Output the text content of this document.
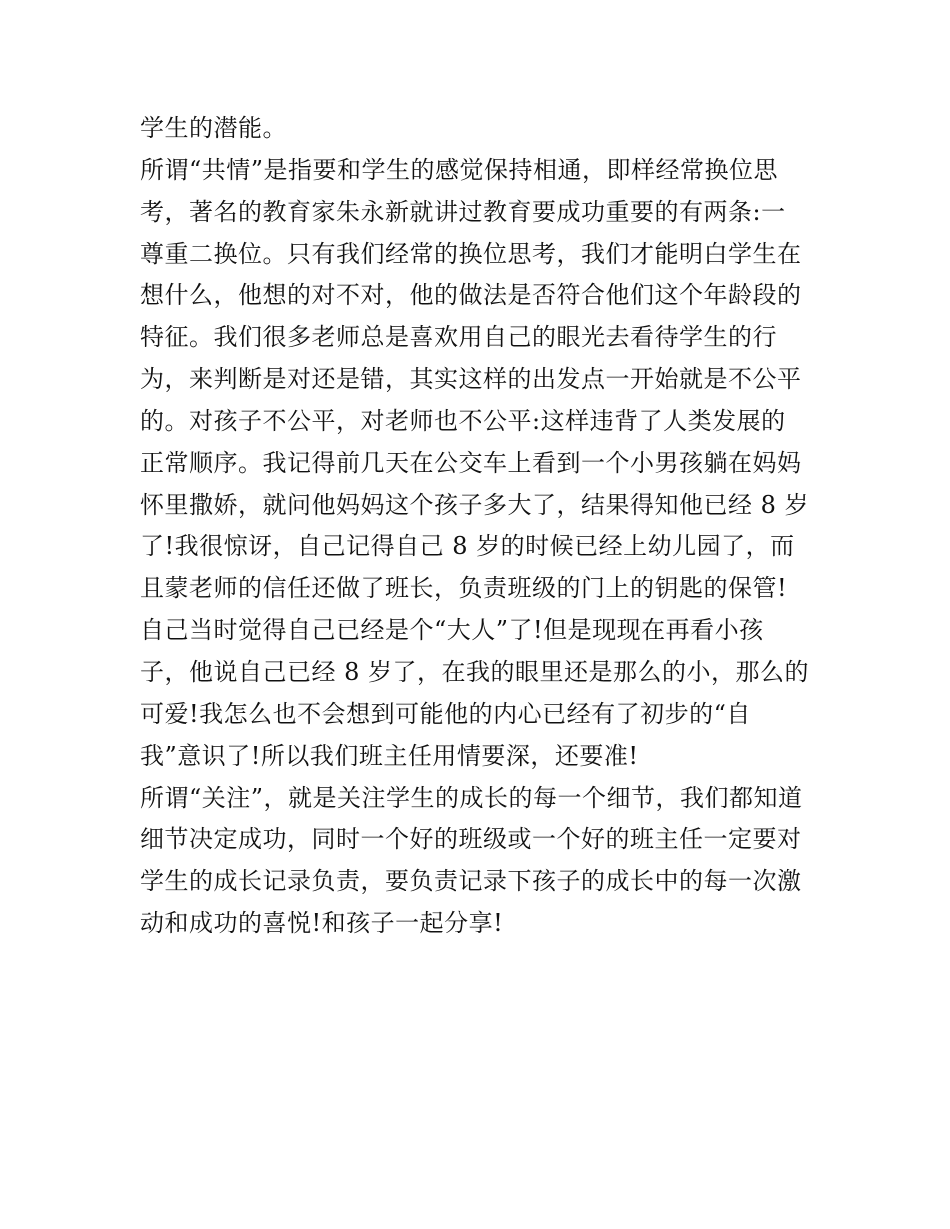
学生的潜能。
所谓“共情”是指要和学生的感觉保持相通，即样经常换位思
考，著名的教育家朱永新就讲过教育要成功重要的有两条:一
尊重二换位。只有我们经常的换位思考，我们才能明白学生在
想什么，他想的对不对，他的做法是否符合他们这个年龄段的
特征。我们很多老师总是喜欢用自己的眼光去看待学生的行
为，来判断是对还是错，其实这样的出发点一开始就是不公平
的。对孩子不公平，对老师也不公平:这样违背了人类发展的
正常顺序。我记得前几天在公交车上看到一个小男孩躺在妈妈
怀里撒娇，就问他妈妈这个孩子多大了，结果得知他已经 8 岁
了!我很惊讶，自己记得自己 8 岁的时候已经上幼儿园了，而
且蒙老师的信任还做了班长，负责班级的门上的钥匙的保管!
自己当时觉得自己已经是个“大人”了!但是现现在再看小孩
子，他说自己已经 8 岁了，在我的眼里还是那么的小，那么的
可爱!我怎么也不会想到可能他的内心已经有了初步的“自
我”意识了!所以我们班主任用情要深，还要准!
所谓“关注”，就是关注学生的成长的每一个细节，我们都知道
细节决定成功，同时一个好的班级或一个好的班主任一定要对
学生的成长记录负责，要负责记录下孩子的成长中的每一次激
动和成功的喜悦!和孩子一起分享!
